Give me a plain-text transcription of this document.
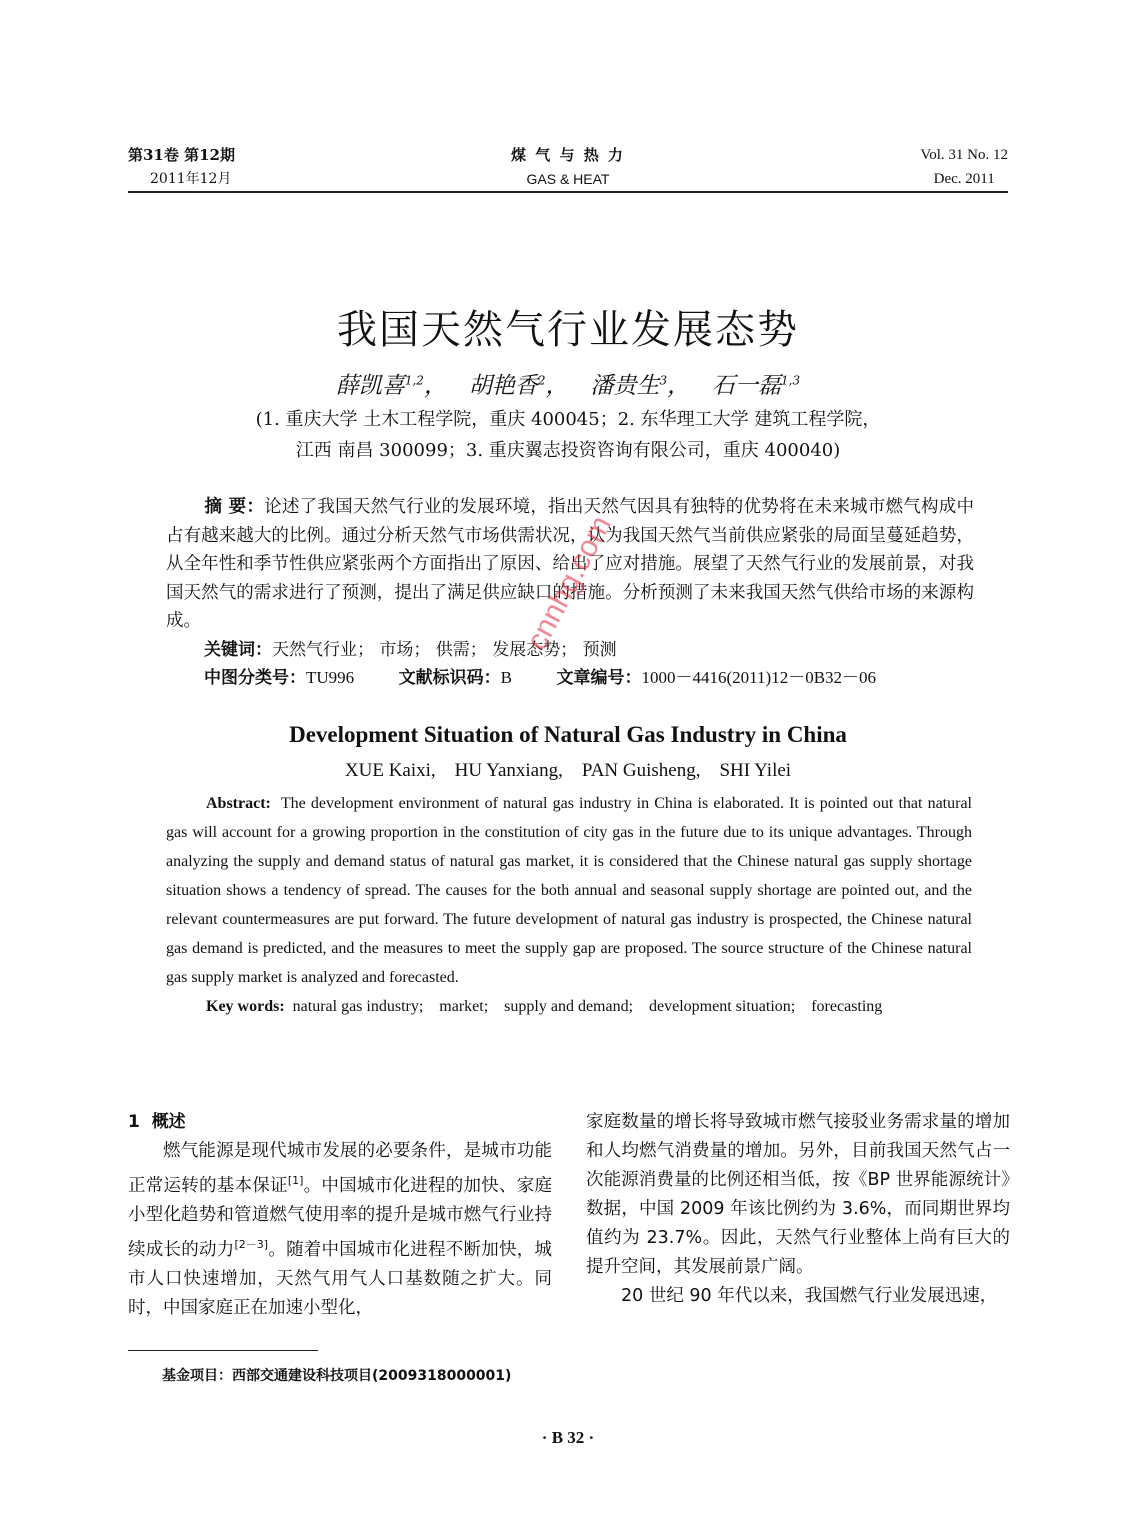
第31卷 第12期
2011年12月
煤 气 与 热 力
GAS & HEAT
Vol. 31 No. 12
Dec. 2011
我国天然气行业发展态势
薛凯喜$^{1,2}$，   胡艳香$^2$，   潘贵生$^3$，   石一磊$^{1,3}$
(1. 重庆大学 土木工程学院，重庆 400045；2. 东华理工大学 建筑工程学院，
江西 南昌 300099；3. 重庆翼志投资咨询有限公司，重庆 400040)
摘 要：论述了我国天然气行业的发展环境，指出天然气因具有独特的优势将在未来城市燃气构成中占有越来越大的比例。通过分析天然气市场供需状况，认为我国天然气当前供应紧张的局面呈蔓延趋势，从全年性和季节性供应紧张两个方面指出了原因、给出了应对措施。展望了天然气行业的发展前景，对我国天然气的需求进行了预测，提出了满足供应缺口的措施。分析预测了未来我国天然气供给市场的来源构成。
关键词：天然气行业； 市场； 供需； 发展态势； 预测
中图分类号：TU996	文献标识码：B	文章编号：1000－4416(2011)12－0B32－06
Development Situation of Natural Gas Industry in China
XUE Kaixi,    HU Yanxiang,    PAN Guisheng,    SHI Yilei
Abstract: The development environment of natural gas industry in China is elaborated. It is pointed out that natural gas will account for a growing proportion in the constitution of city gas in the future due to its unique advantages. Through analyzing the supply and demand status of natural gas market, it is considered that the Chinese natural gas supply shortage situation shows a tendency of spread. The causes for the both annual and seasonal supply shortage are pointed out, and the relevant countermeasures are put forward. The future development of natural gas industry is prospected, the Chinese natural gas demand is predicted, and the measures to meet the supply gap are proposed. The source structure of the Chinese natural gas supply market is analyzed and forecasted.
Key words: natural gas industry;    market;    supply and demand;    development situation;    forecasting
1 概述
燃气能源是现代城市发展的必要条件，是城市功能正常运转的基本保证[1]。中国城市化进程的加快、家庭小型化趋势和管道燃气使用率的提升是城市燃气行业持续成长的动力[2－3]。随着中国城市化进程不断加快，城市人口快速增加，天然气用气人口基数随之扩大。同时，中国家庭正在加速小型化，
家庭数量的增长将导致城市燃气接驳业务需求量的增加和人均燃气消费量的增加。另外，目前我国天然气占一次能源消费量的比例还相当低，按《BP 世界能源统计》数据，中国 2009 年该比例约为 3.6%，而同期世界均值约为 23.7%。因此，天然气行业整体上尚有巨大的提升空间，其发展前景广阔。
20 世纪 90 年代以来，我国燃气行业发展迅速，
基金项目：西部交通建设科技项目(2009318000001)
· B 32 ·
cnnhg.com
